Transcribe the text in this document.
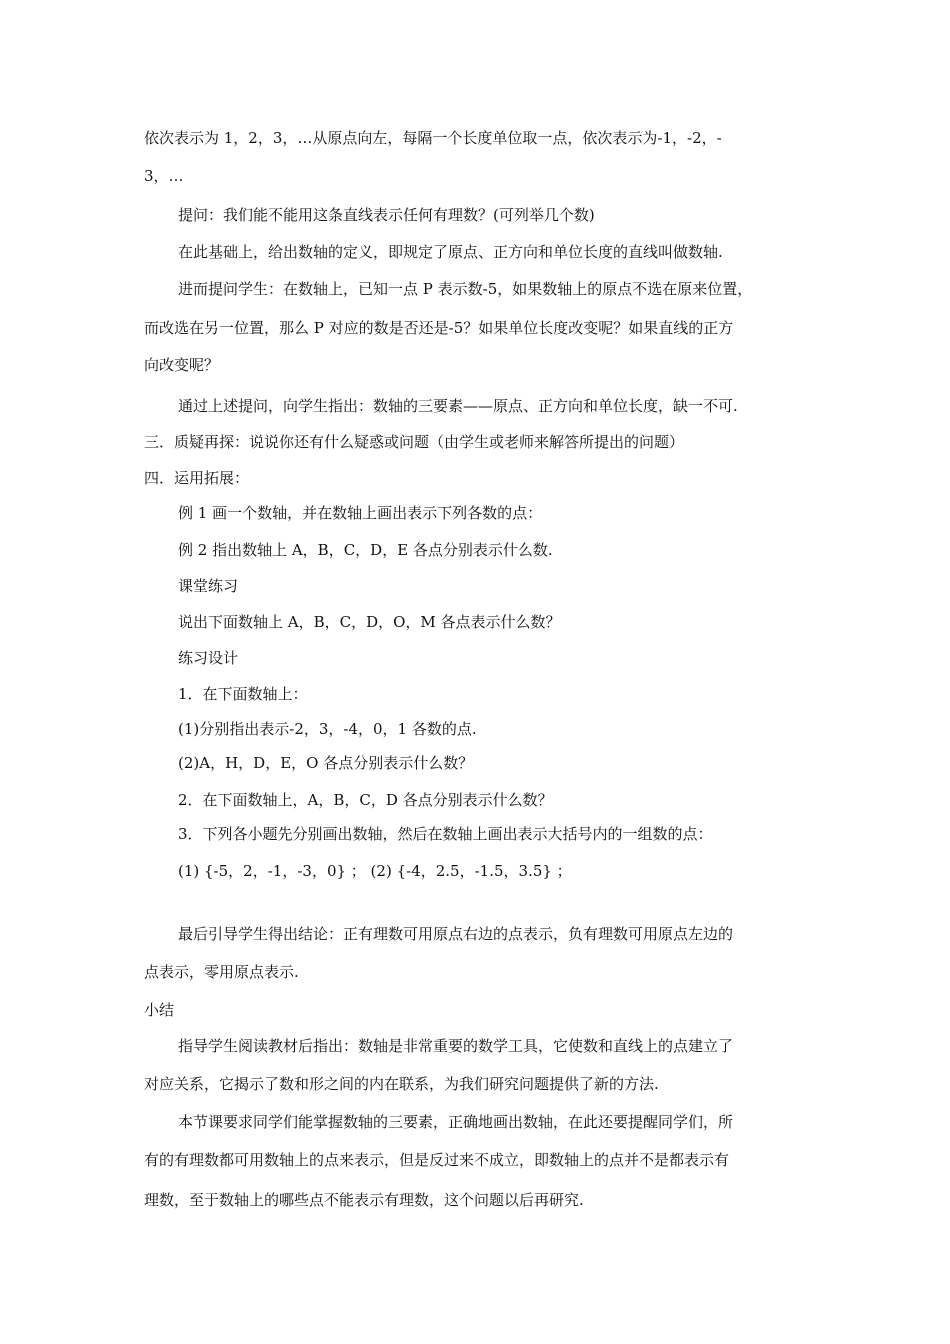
依次表示为 1，2，3，…从原点向左，每隔一个长度单位取一点，依次表示为-1，-2，-
3，…
提问：我们能不能用这条直线表示任何有理数？(可列举几个数)
在此基础上，给出数轴的定义，即规定了原点、正方向和单位长度的直线叫做数轴.
进而提问学生：在数轴上，已知一点 P 表示数-5，如果数轴上的原点不选在原来位置，
而改选在另一位置，那么 P 对应的数是否还是-5？如果单位长度改变呢？如果直线的正方
向改变呢？
通过上述提问，向学生指出：数轴的三要素——原点、正方向和单位长度，缺一不可.
三．质疑再探：说说你还有什么疑惑或问题（由学生或老师来解答所提出的问题）
四．运用拓展：
例 1 画一个数轴，并在数轴上画出表示下列各数的点：
例 2 指出数轴上 A，B，C，D，E 各点分别表示什么数.
课堂练习
说出下面数轴上 A，B，C，D，O，M 各点表示什么数？
练习设计
1．在下面数轴上：
(1)分别指出表示-2，3，-4，0，1 各数的点.
(2)A，H，D，E，O 各点分别表示什么数？
2．在下面数轴上，A，B，C，D 各点分别表示什么数？
3．下列各小题先分别画出数轴，然后在数轴上画出表示大括号内的一组数的点：
(1) {-5，2，-1，-3，0} ； (2) {-4，2.5，-1.5，3.5} ；
最后引导学生得出结论：正有理数可用原点右边的点表示，负有理数可用原点左边的
点表示，零用原点表示.
小结
指导学生阅读教材后指出：数轴是非常重要的数学工具，它使数和直线上的点建立了
对应关系，它揭示了数和形之间的内在联系，为我们研究问题提供了新的方法.
本节课要求同学们能掌握数轴的三要素，正确地画出数轴，在此还要提醒同学们，所
有的有理数都可用数轴上的点来表示，但是反过来不成立，即数轴上的点并不是都表示有
理数，至于数轴上的哪些点不能表示有理数，这个问题以后再研究.
